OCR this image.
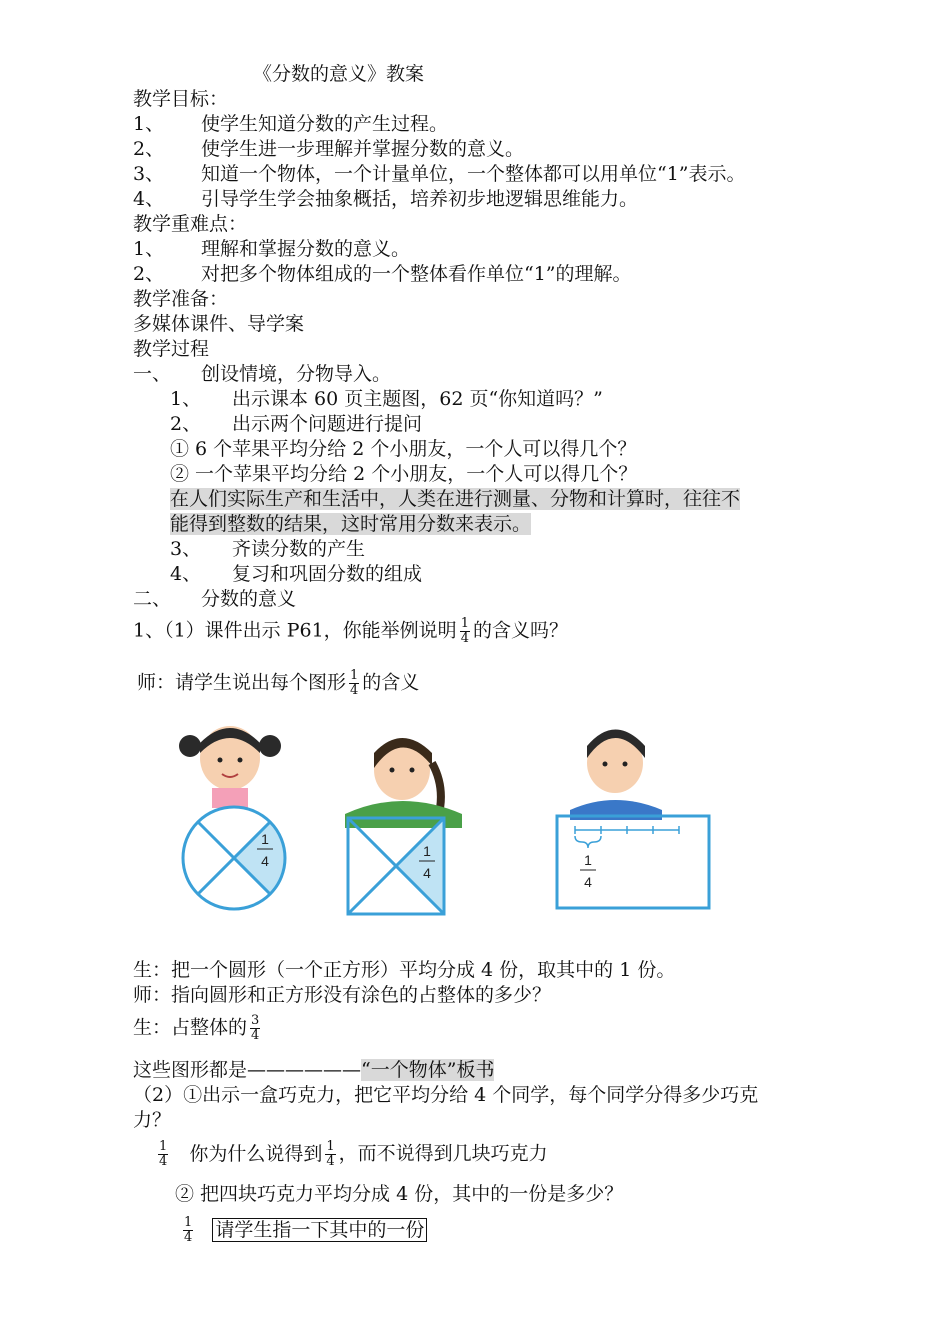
《分数的意义》教案
教学目标：
1、 使学生知道分数的产生过程。
2、 使学生进一步理解并掌握分数的意义。
3、 知道一个物体，一个计量单位，一个整体都可以用单位“1”表示。
4、 引导学生学会抽象概括，培养初步地逻辑思维能力。
教学重难点：
1、 理解和掌握分数的意义。
2、 对把多个物体组成的一个整体看作单位“1”的理解。
教学准备：
多媒体课件、导学案
教学过程
一、 创设情境，分物导入。
1、 出示课本 60 页主题图，62 页“你知道吗？”
2、 出示两个问题进行提问
① 6 个苹果平均分给 2 个小朋友，一个人可以得几个？
② 一个苹果平均分给 2 个小朋友，一个人可以得几个？
在人们实际生产和生活中，人类在进行测量、分物和计算时，往往不
能得到整数的结果，这时常用分数来表示。
3、 齐读分数的产生
4、 复习和巩固分数的组成
二、 分数的意义
1、（1）课件出示 P61，你能举例说明 $\frac{1}{4}$ 的含义吗？
师：请学生说出每个图形 $\frac{1}{4}$ 的含义
1
4
1
4
1
4
生：把一个圆形（一个正方形）平均分成 4 份，取其中的 1 份。
师：指向圆形和正方形没有涂色的占整体的多少？
生：占整体的 $\frac{3}{4}$
这些图形都是——————“一个物体”板书
（2）①出示一盒巧克力，把它平均分给 4 个同学，每个同学分得多少巧克
力？
$\frac{1}{4}$ 你为什么说得到 $\frac{1}{4}$ ，而不说得到几块巧克力
② 把四块巧克力平均分成 4 份，其中的一份是多少？
$\frac{1}{4}$ 请学生指一下其中的一份
